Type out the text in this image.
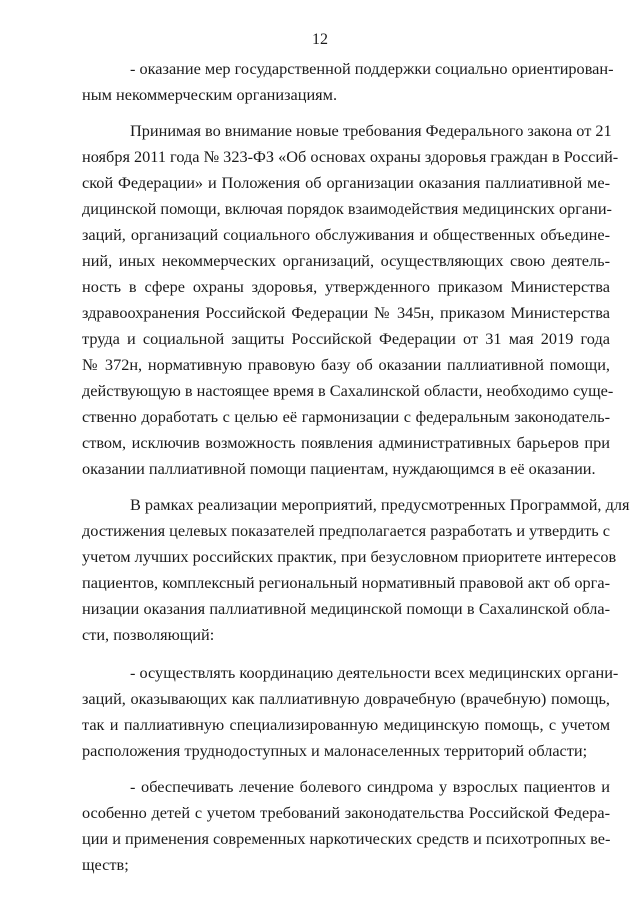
12
- оказание мер государственной поддержки социально ориентирован-
ным некоммерческим организациям.
Принимая во внимание новые требования Федерального закона от 21
ноября 2011 года № 323-ФЗ «Об основах охраны здоровья граждан в Россий-
ской Федерации» и Положения об организации оказания паллиативной ме-
дицинской помощи, включая порядок взаимодействия медицинских органи-
заций, организаций социального обслуживания и общественных объедине-
ний, иных некоммерческих организаций, осуществляющих свою деятель-
ность в сфере охраны здоровья, утвержденного приказом Министерства
здравоохранения Российской Федерации № 345н, приказом Министерства
труда и социальной защиты Российской Федерации от 31 мая 2019 года
№ 372н, нормативную правовую базу об оказании паллиативной помощи,
действующую в настоящее время в Сахалинской области, необходимо суще-
ственно доработать с целью её гармонизации с федеральным законодатель-
ством, исключив возможность появления административных барьеров при
оказании паллиативной помощи пациентам, нуждающимся в её оказании.
В рамках реализации мероприятий, предусмотренных Программой, для
достижения целевых показателей предполагается разработать и утвердить с
учетом лучших российских практик, при безусловном приоритете интересов
пациентов, комплексный региональный нормативный правовой акт об орга-
низации оказания паллиативной медицинской помощи в Сахалинской обла-
сти, позволяющий:
- осуществлять координацию деятельности всех медицинских органи-
заций, оказывающих как паллиативную доврачебную (врачебную) помощь,
так и паллиативную специализированную медицинскую помощь, с учетом
расположения труднодоступных и малонаселенных территорий области;
- обеспечивать лечение болевого синдрома у взрослых пациентов и
особенно детей с учетом требований законодательства Российской Федера-
ции и применения современных наркотических средств и психотропных ве-
ществ;
